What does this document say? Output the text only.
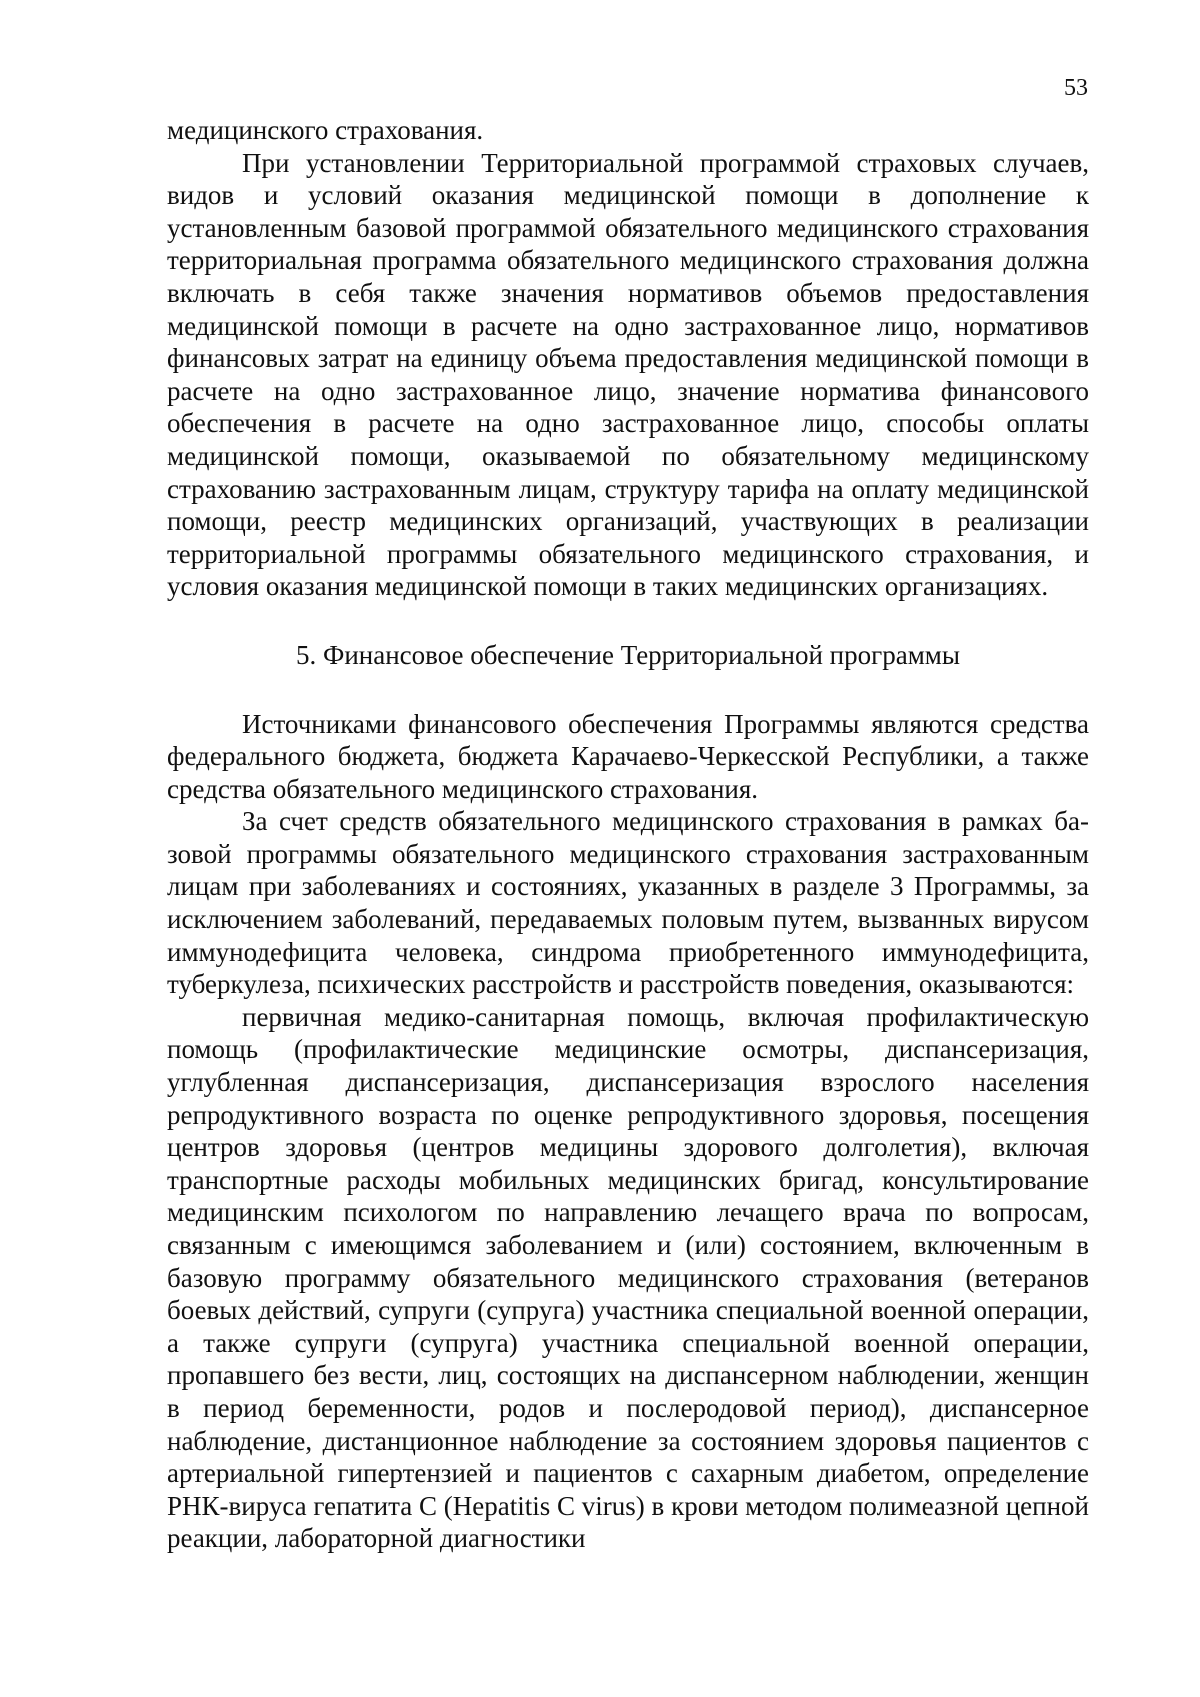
53

медицинского страхования.

При установлении Территориальной программой страховых случаев, видов и условий оказания медицинской помощи в дополнение к установленным базовой программой обязательного медицинского страхования территориальная программа обязательного медицинского страхования должна включать в себя также значения нормативов объемов предоставления медицинской помощи в расчете на одно застрахованное лицо, нормативов финансовых затрат на единицу объема предоставления медицинской помощи в расчете на одно застрахованное лицо, значение норматива финансового обеспечения в расчете на одно застрахованное лицо, способы оплаты медицинской помощи, оказываемой по обязательному медицинскому страхованию застрахованным лицам, структуру тарифа на оплату медицинской помощи, реестр медицинских организаций, участвующих в реализации территориальной программы обязательного медицинского страхования, и условия оказания медицинской помощи в таких медицинских организациях.

5. Финансовое обеспечение Территориальной программы

Источниками финансового обеспечения Программы являются средства федерального бюджета, бюджета Карачаево-Черкесской Республики, а также средства обязательного медицинского страхования.

За счет средств обязательного медицинского страхования в рамках базовой программы обязательного медицинского страхования застрахованным лицам при заболеваниях и состояниях, указанных в разделе 3 Программы, за исключением заболеваний, передаваемых половым путем, вызванных вирусом иммунодефицита человека, синдрома приобретенного иммунодефицита, туберкулеза, психических расстройств и расстройств поведения, оказываются:

первичная медико-санитарная помощь, включая профилактическую помощь (профилактические медицинские осмотры, диспансеризация, углубленная диспансеризация, диспансеризация взрослого населения репродуктивного возраста по оценке репродуктивного здоровья, посещения центров здоровья (центров медицины здорового долголетия), включая транспортные расходы мобильных медицинских бригад, консультирование медицинским психологом по направлению лечащего врача по вопросам, связанным с имеющимся заболеванием и (или) состоянием, включенным в базовую программу обязательного медицинского страхования (ветеранов боевых действий, супруги (супруга) участника специальной военной операции, а также супруги (супруга) участника специальной военной операции, пропавшего без вести, лиц, состоящих на диспансерном наблюдении, женщин в период беременности, родов и послеродовой период), диспансерное наблюдение, дистанционное наблюдение за состоянием здоровья пациентов с артериальной гипертензией и пациентов с сахарным диабетом, определение РНК-вируса гепатита С (Hepatitis C virus) в крови методом полимеазной цепной реакции, лабораторной диагностики
